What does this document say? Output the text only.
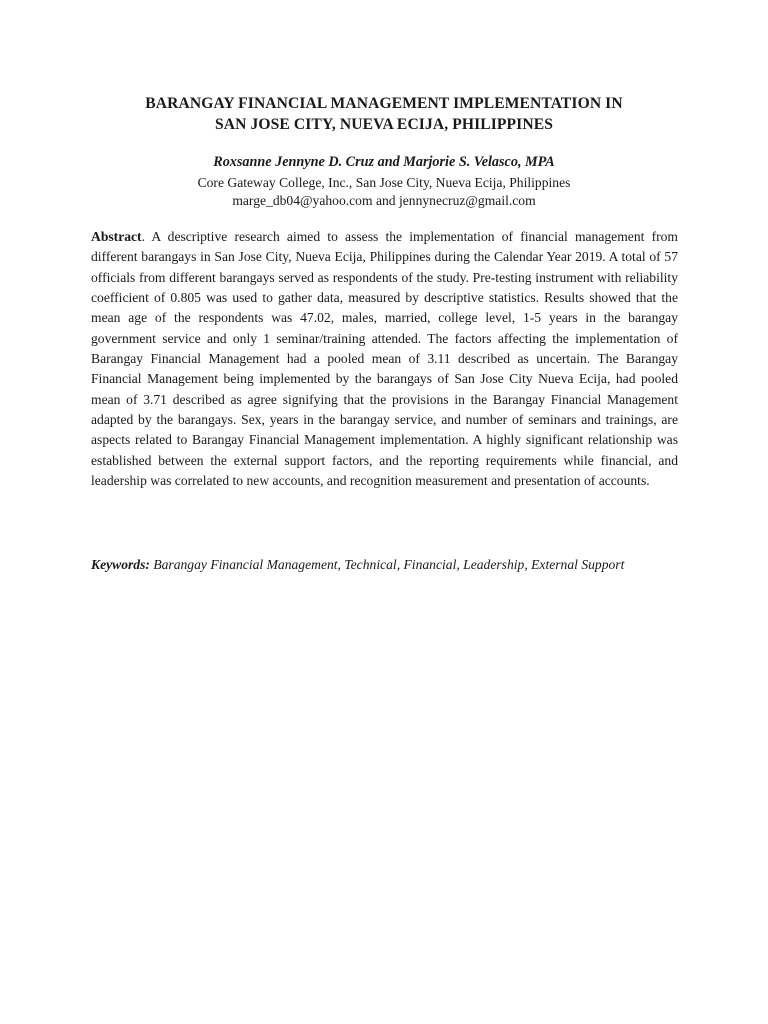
BARANGAY FINANCIAL MANAGEMENT IMPLEMENTATION IN
SAN JOSE CITY, NUEVA ECIJA, PHILIPPINES
Roxsanne Jennyne D. Cruz and Marjorie S. Velasco, MPA
Core Gateway College, Inc., San Jose City, Nueva Ecija, Philippines
marge_db04@yahoo.com and jennynecruz@gmail.com

Abstract. A descriptive research aimed to assess the implementation of financial management from different barangays in San Jose City, Nueva Ecija, Philippines during the Calendar Year 2019. A total of 57 officials from different barangays served as respondents of the study. Pre-testing instrument with reliability coefficient of 0.805 was used to gather data, measured by descriptive statistics. Results showed that the mean age of the respondents was 47.02, males, married, college level, 1-5 years in the barangay government service and only 1 seminar/training attended. The factors affecting the implementation of Barangay Financial Management had a pooled mean of 3.11 described as uncertain. The Barangay Financial Management being implemented by the barangays of San Jose City Nueva Ecija, had pooled mean of 3.71 described as agree signifying that the provisions in the Barangay Financial Management adapted by the barangays. Sex, years in the barangay service, and number of seminars and trainings, are aspects related to Barangay Financial Management implementation. A highly significant relationship was established between the external support factors, and the reporting requirements while financial, and leadership was correlated to new accounts, and recognition measurement and presentation of accounts.

Keywords: Barangay Financial Management, Technical, Financial, Leadership, External Support
